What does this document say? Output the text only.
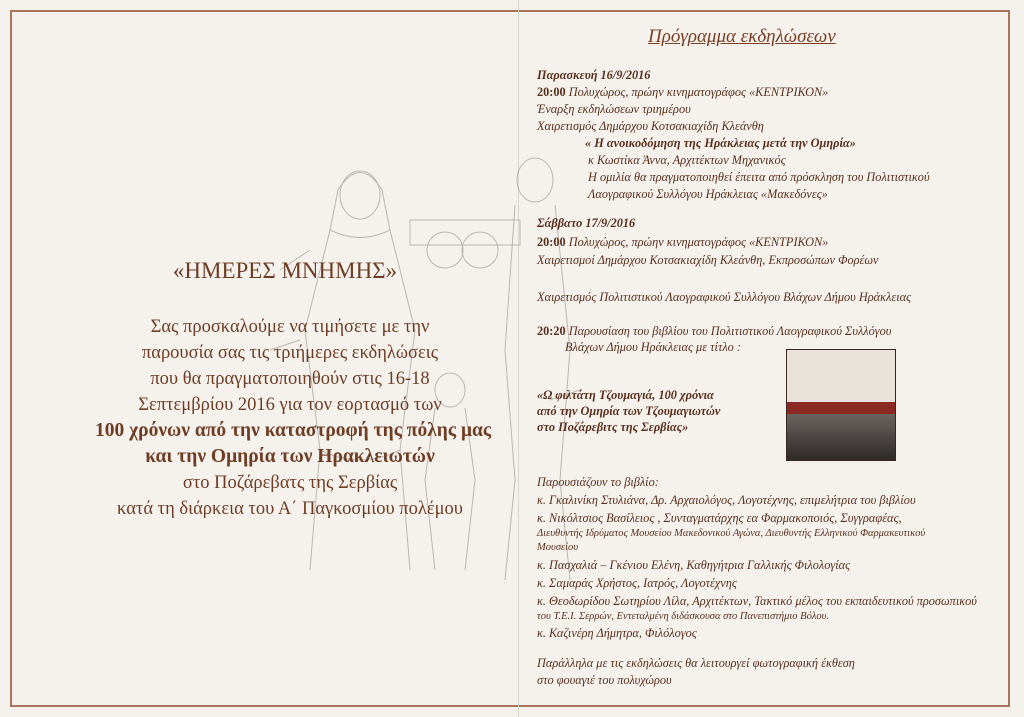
«ΗΜΕΡΕΣ ΜΝΗΜΗΣ»
Σας προσκαλούμε να τιμήσετε με την
παρουσία σας τις τριήμερες εκδηλώσεις
που θα πραγματοποιηθούν στις 16-18
Σεπτεμβρίου 2016 για τον εορτασμό των
100 χρόνων από την καταστροφή της πόλης μας
και την Ομηρία των Ηρακλειωτών
στο Ποζάρεβατς της Σερβίας
κατά τη διάρκεια του Α΄ Παγκοσμίου πολέμου
Πρόγραμμα εκδηλώσεων
Παρασκευή 16/9/2016
20:00 Πολυχώρος, πρώην κινηματογράφος «ΚΕΝΤΡΙΚΟΝ»
Έναρξη εκδηλώσεων τριημέρου
Χαιρετισμός Δημάρχου Κοτσακιαχίδη Κλεάνθη
« Η ανοικοδόμηση της Ηράκλειας μετά την Ομηρία»
κ Κωστίκα Άννα, Αρχιτέκτων Μηχανικός
Η ομιλία θα πραγματοποιηθεί έπειτα από πρόσκληση του Πολιτιστικού
Λαογραφικού Συλλόγου Ηράκλειας «Μακεδόνες»
Σάββατο 17/9/2016
20:00 Πολυχώρος, πρώην κινηματογράφος «ΚΕΝΤΡΙΚΟΝ»
Χαιρετισμοί Δημάρχου Κοτσακιαχίδη Κλεάνθη, Εκπροσώπων Φορέων
Χαιρετισμός Πολιτιστικού Λαογραφικού Συλλόγου Βλάχων Δήμου Ηράκλειας
20:20 Παρουσίαση του βιβλίου του Πολιτιστικού Λαογραφικού Συλλόγου
Βλάχων Δήμου Ηράκλειας με τίτλο :
«Ω φιλτάτη Τζουμαγιά, 100 χρόνια
από την Ομηρία των Τζουμαγιωτών
στο Ποζάρεβιτς της Σερβίας»
Παρουσιάζουν το βιβλίο:
κ. Γκαλινίκη Στυλιάνα, Δρ. Αρχαιολόγος, Λογοτέχνης, επιμελήτρια του βιβλίου
κ. Νικόλτσιος Βασίλειος , Συνταγματάρχης εα Φαρμακοποιός, Συγγραφέας,
Διευθυντής Ιδρύματος Μουσείου Μακεδονικού Αγώνα, Διευθυντής Ελληνικού Φαρμακευτικού
Μουσείου
κ. Πασχαλιά – Γκένιου Ελένη, Καθηγήτρια Γαλλικής Φιλολογίας
κ. Σαμαράς Χρήστος, Ιατρός, Λογοτέχνης
κ. Θεοδωρίδου Σωτηρίου Λίλα, Αρχιτέκτων, Τακτικό μέλος του εκπαιδευτικού προσωπικού
του Τ.Ε.Ι. Σερρών, Εντεταλμένη διδάσκουσα στο Πανεπιστήμιο Βόλου.
κ. Καζινέρη Δήμητρα, Φιλόλογος
Παράλληλα με τις εκδηλώσεις θα λειτουργεί φωτογραφική έκθεση
στο φουαγιέ του πολυχώρου
